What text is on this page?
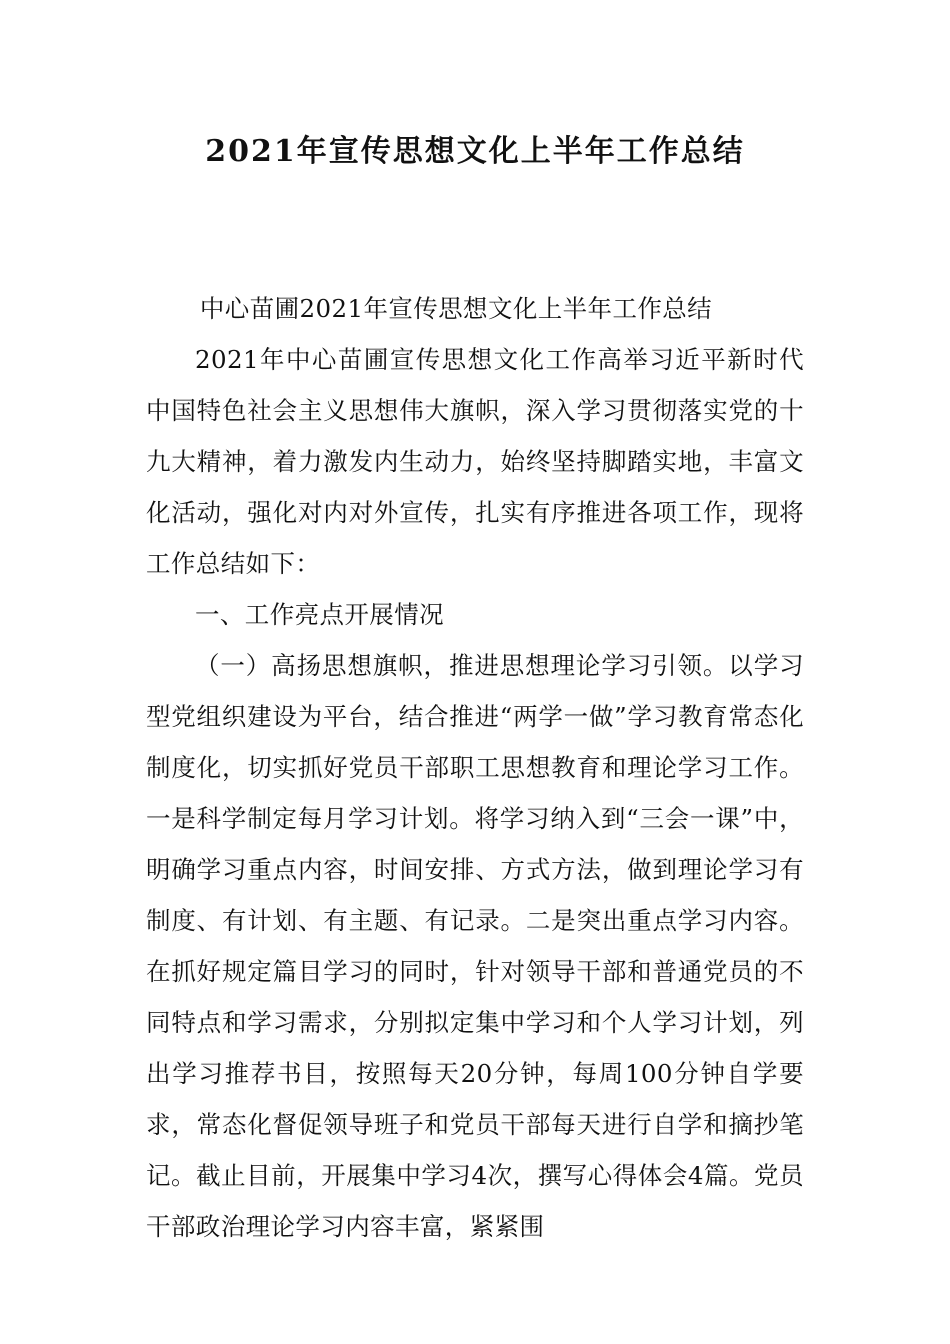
2021年宣传思想文化上半年工作总结

中心苗圃2021年宣传思想文化上半年工作总结

2021年中心苗圃宣传思想文化工作高举习近平新时代中国特色社会主义思想伟大旗帜，深入学习贯彻落实党的十九大精神，着力激发内生动力，始终坚持脚踏实地，丰富文化活动，强化对内对外宣传，扎实有序推进各项工作，现将工作总结如下：

一、工作亮点开展情况

（一）高扬思想旗帜，推进思想理论学习引领。以学习型党组织建设为平台，结合推进“两学一做”学习教育常态化制度化，切实抓好党员干部职工思想教育和理论学习工作。一是科学制定每月学习计划。将学习纳入到“三会一课”中，明确学习重点内容，时间安排、方式方法，做到理论学习有制度、有计划、有主题、有记录。二是突出重点学习内容。在抓好规定篇目学习的同时，针对领导干部和普通党员的不同特点和学习需求，分别拟定集中学习和个人学习计划，列出学习推荐书目，按照每天20分钟，每周100分钟自学要求，常态化督促领导班子和党员干部每天进行自学和摘抄笔记。截止目前，开展集中学习4次，撰写心得体会4篇。党员干部政治理论学习内容丰富，紧紧围
